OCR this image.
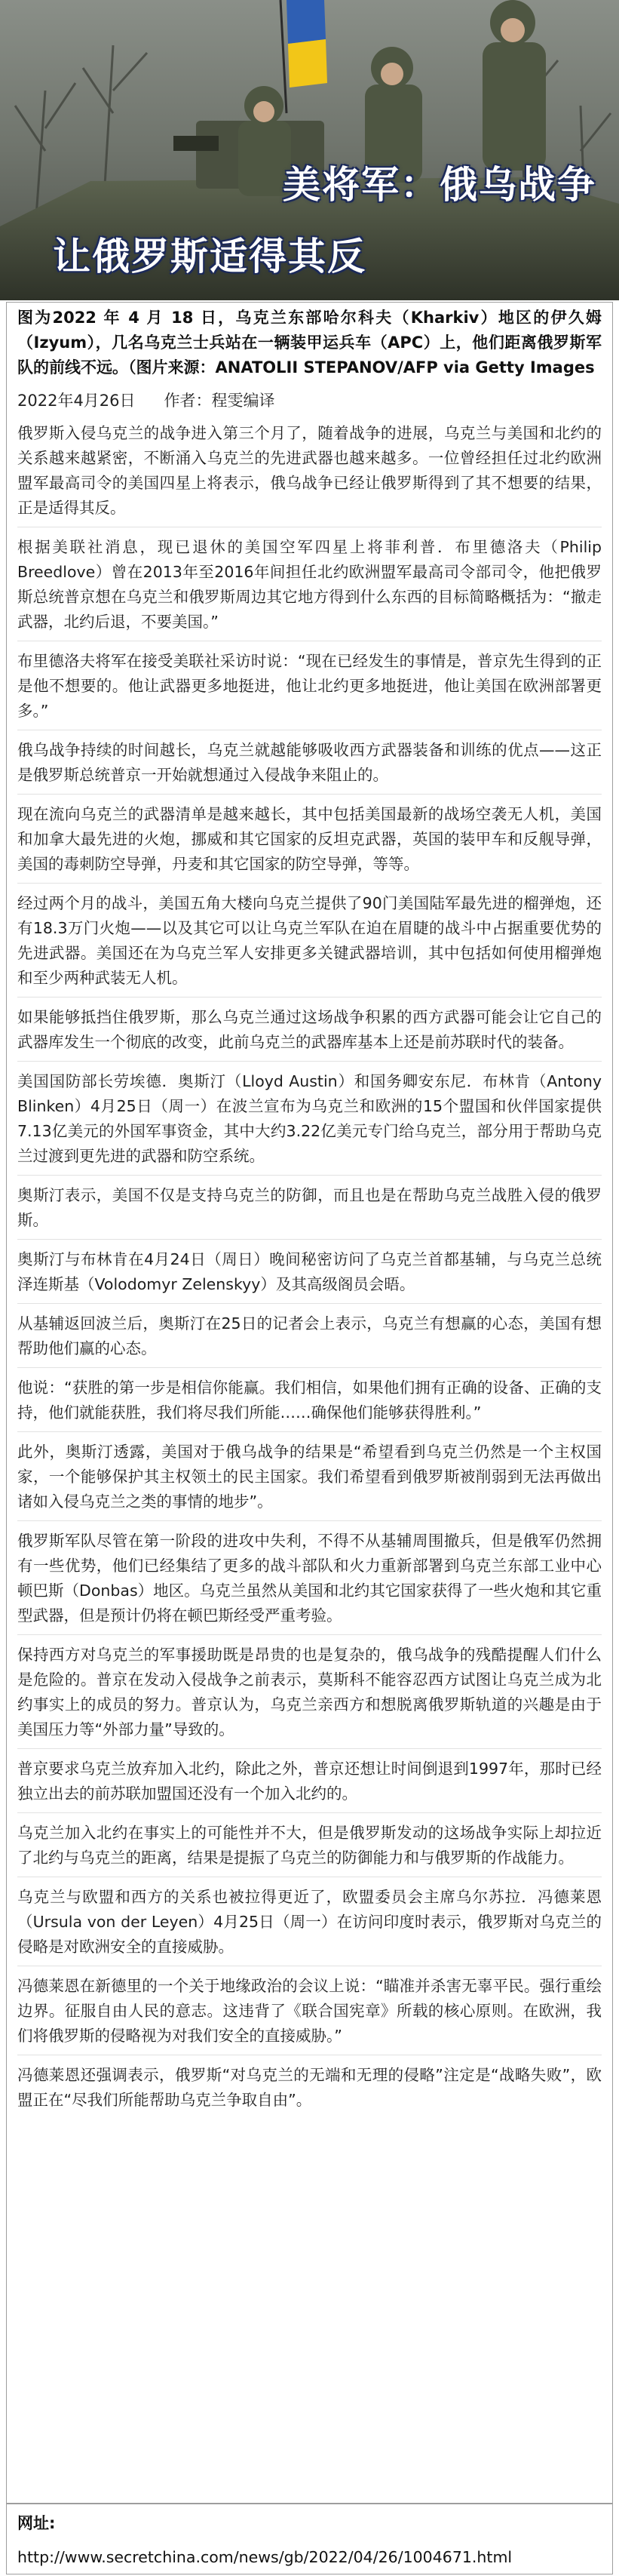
美将军：俄乌战争
让俄罗斯适得其反

图为2022 年 4 月 18 日，乌克兰东部哈尔科夫（Kharkiv）地区的伊久姆（Izyum），几名乌克兰士兵站在一辆装甲运兵车（APC）上，他们距离俄罗斯军队的前线不远。（图片来源：ANATOLII STEPANOV/AFP via Getty Images

2022年4月26日 作者：程雯编译

俄罗斯入侵乌克兰的战争进入第三个月了，随着战争的进展，乌克兰与美国和北约的关系越来越紧密，不断涌入乌克兰的先进武器也越来越多。一位曾经担任过北约欧洲盟军最高司令的美国四星上将表示，俄乌战争已经让俄罗斯得到了其不想要的结果，正是适得其反。

根据美联社消息，现已退休的美国空军四星上将菲利普．布里德洛夫（Philip Breedlove）曾在2013年至2016年间担任北约欧洲盟军最高司令部司令，他把俄罗斯总统普京想在乌克兰和俄罗斯周边其它地方得到什么东西的目标简略概括为：“撤走武器，北约后退，不要美国。”

布里德洛夫将军在接受美联社采访时说：“现在已经发生的事情是，普京先生得到的正是他不想要的。他让武器更多地挺进，他让北约更多地挺进，他让美国在欧洲部署更多。”

俄乌战争持续的时间越长，乌克兰就越能够吸收西方武器装备和训练的优点——这正是俄罗斯总统普京一开始就想通过入侵战争来阻止的。

现在流向乌克兰的武器清单是越来越长，其中包括美国最新的战场空袭无人机，美国和加拿大最先进的火炮，挪威和其它国家的反坦克武器，英国的装甲车和反舰导弹，美国的毒刺防空导弹，丹麦和其它国家的防空导弹，等等。

经过两个月的战斗，美国五角大楼向乌克兰提供了90门美国陆军最先进的榴弹炮，还有18.3万门火炮——以及其它可以让乌克兰军队在迫在眉睫的战斗中占据重要优势的先进武器。美国还在为乌克兰军人安排更多关键武器培训，其中包括如何使用榴弹炮和至少两种武装无人机。

如果能够抵挡住俄罗斯，那么乌克兰通过这场战争积累的西方武器可能会让它自己的武器库发生一个彻底的改变，此前乌克兰的武器库基本上还是前苏联时代的装备。

美国国防部长劳埃德．奥斯汀（Lloyd Austin）和国务卿安东尼．布林肯（Antony Blinken）4月25日（周一）在波兰宣布为乌克兰和欧洲的15个盟国和伙伴国家提供7.13亿美元的外国军事资金，其中大约3.22亿美元专门给乌克兰，部分用于帮助乌克兰过渡到更先进的武器和防空系统。

奥斯汀表示，美国不仅是支持乌克兰的防御，而且也是在帮助乌克兰战胜入侵的俄罗斯。

奥斯汀与布林肯在4月24日（周日）晚间秘密访问了乌克兰首都基辅，与乌克兰总统泽连斯基（Volodomyr Zelenskyy）及其高级阁员会晤。

从基辅返回波兰后，奥斯汀在25日的记者会上表示，乌克兰有想赢的心态，美国有想帮助他们赢的心态。

他说：“获胜的第一步是相信你能赢。我们相信，如果他们拥有正确的设备、正确的支持，他们就能获胜，我们将尽我们所能……确保他们能够获得胜利。”

此外，奥斯汀透露，美国对于俄乌战争的结果是“希望看到乌克兰仍然是一个主权国家，一个能够保护其主权领土的民主国家。我们希望看到俄罗斯被削弱到无法再做出诸如入侵乌克兰之类的事情的地步”。

俄罗斯军队尽管在第一阶段的进攻中失利，不得不从基辅周围撤兵，但是俄军仍然拥有一些优势，他们已经集结了更多的战斗部队和火力重新部署到乌克兰东部工业中心顿巴斯（Donbas）地区。乌克兰虽然从美国和北约其它国家获得了一些火炮和其它重型武器，但是预计仍将在顿巴斯经受严重考验。

保持西方对乌克兰的军事援助既是昂贵的也是复杂的，俄乌战争的残酷提醒人们什么是危险的。普京在发动入侵战争之前表示，莫斯科不能容忍西方试图让乌克兰成为北约事实上的成员的努力。普京认为，乌克兰亲西方和想脱离俄罗斯轨道的兴趣是由于美国压力等“外部力量”导致的。

普京要求乌克兰放弃加入北约，除此之外，普京还想让时间倒退到1997年，那时已经独立出去的前苏联加盟国还没有一个加入北约的。

乌克兰加入北约在事实上的可能性并不大，但是俄罗斯发动的这场战争实际上却拉近了北约与乌克兰的距离，结果是提振了乌克兰的防御能力和与俄罗斯的作战能力。

乌克兰与欧盟和西方的关系也被拉得更近了，欧盟委员会主席乌尔苏拉．冯德莱恩（Ursula von der Leyen）4月25日（周一）在访问印度时表示，俄罗斯对乌克兰的侵略是对欧洲安全的直接威胁。

冯德莱恩在新德里的一个关于地缘政治的会议上说：“瞄准并杀害无辜平民。强行重绘边界。征服自由人民的意志。这违背了《联合国宪章》所载的核心原则。在欧洲，我们将俄罗斯的侵略视为对我们安全的直接威胁。”

冯德莱恩还强调表示，俄罗斯“对乌克兰的无端和无理的侵略”注定是“战略失败”，欧盟正在“尽我们所能帮助乌克兰争取自由”。

网址:
http://www.secretchina.com/news/gb/2022/04/26/1004671.html
